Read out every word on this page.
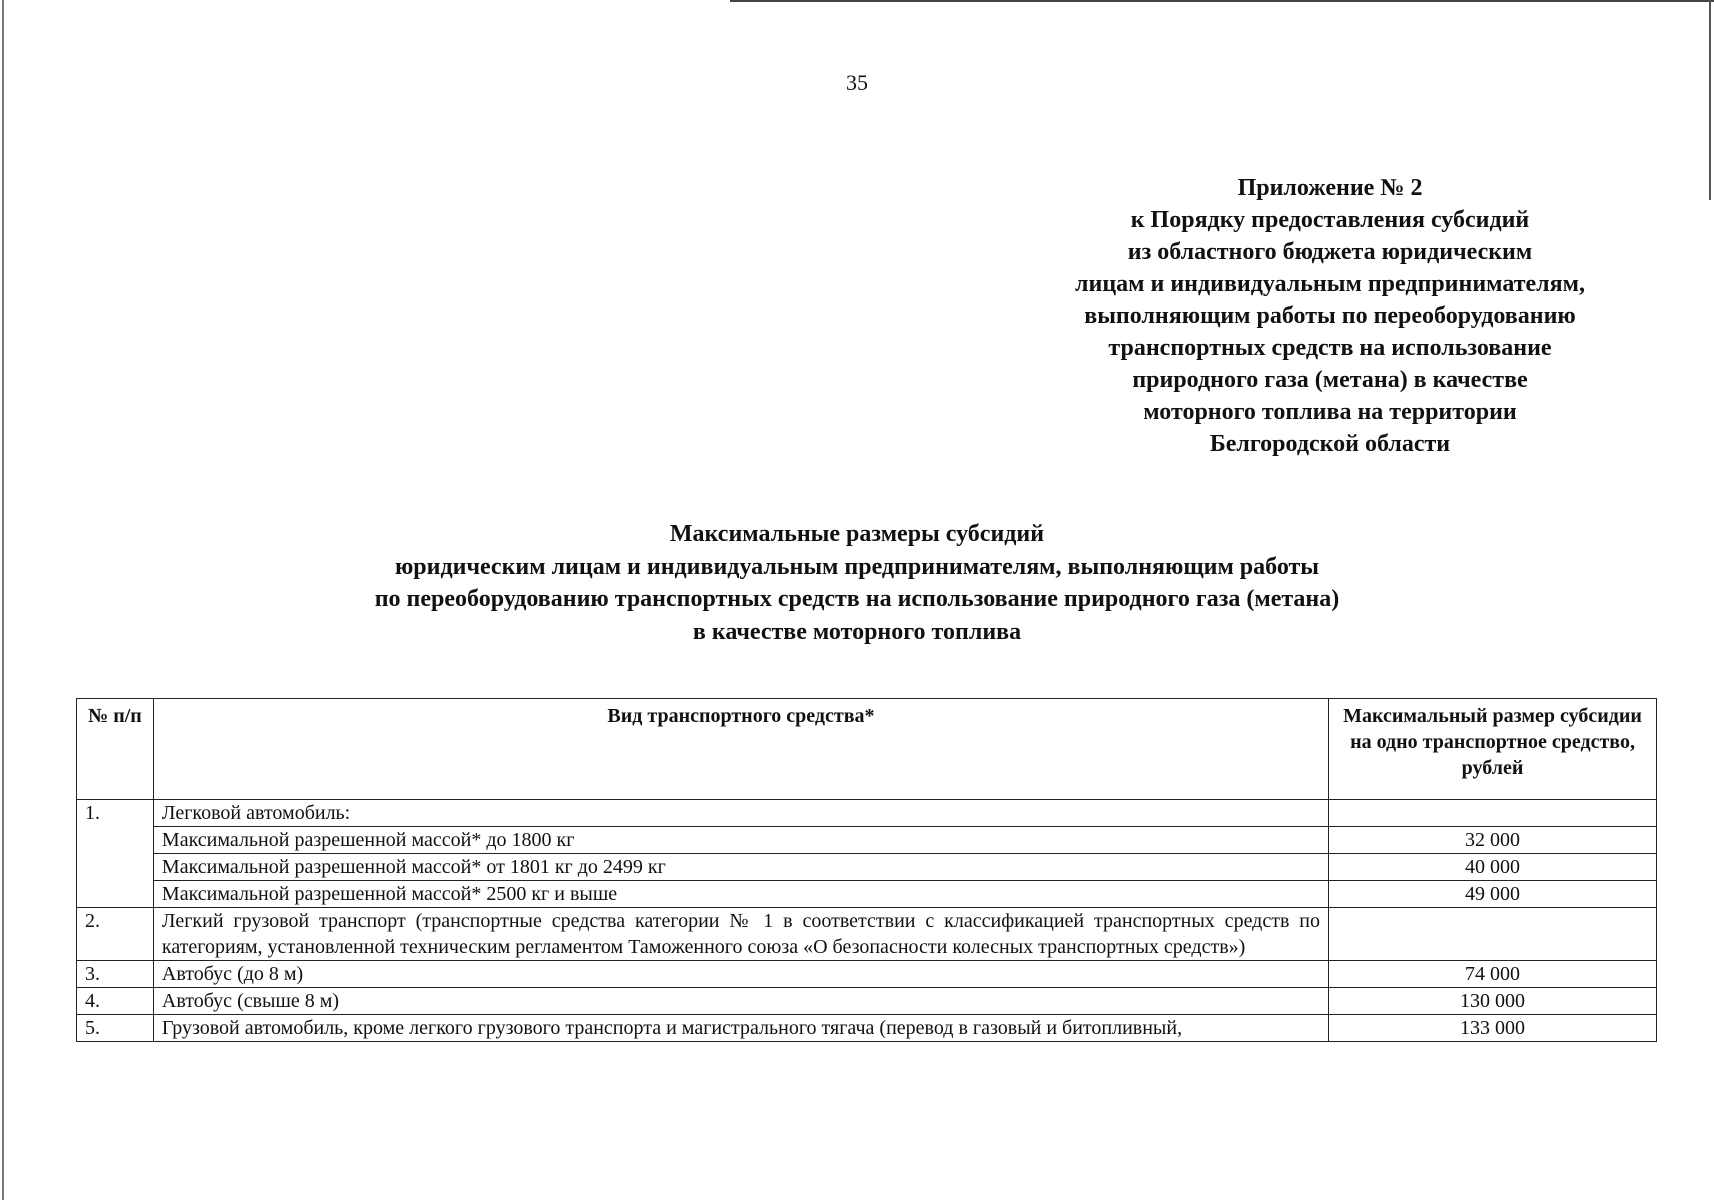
35
Приложение № 2
к Порядку предоставления субсидий
из областного бюджета юридическим
лицам и индивидуальным предпринимателям,
выполняющим работы по переоборудованию
транспортных средств на использование
природного газа (метана) в качестве
моторного топлива на территории
Белгородской области
Максимальные размеры субсидий
юридическим лицам и индивидуальным предпринимателям, выполняющим работы
по переоборудованию транспортных средств на использование природного газа (метана)
в качестве моторного топлива
№ п/п	Вид транспортного средства*	Максимальный размер субсидии на одно транспортное средство, рублей
1.	Легковой автомобиль:	
	Максимальной разрешенной массой* до 1800 кг	32 000
	Максимальной разрешенной массой* от 1801 кг до 2499 кг	40 000
	Максимальной разрешенной массой* 2500 кг и выше	49 000
2.	Легкий грузовой транспорт (транспортные средства категории № 1 в соответствии с классификацией транспортных средств по категориям, установленной техническим регламентом Таможенного союза «О безопасности колесных транспортных средств»)	
3.	Автобус (до 8 м)	74 000
4.	Автобус (свыше 8 м)	130 000
5.	Грузовой автомобиль, кроме легкого грузового транспорта и магистрального тягача (перевод в газовый и битопливный,	133 000
